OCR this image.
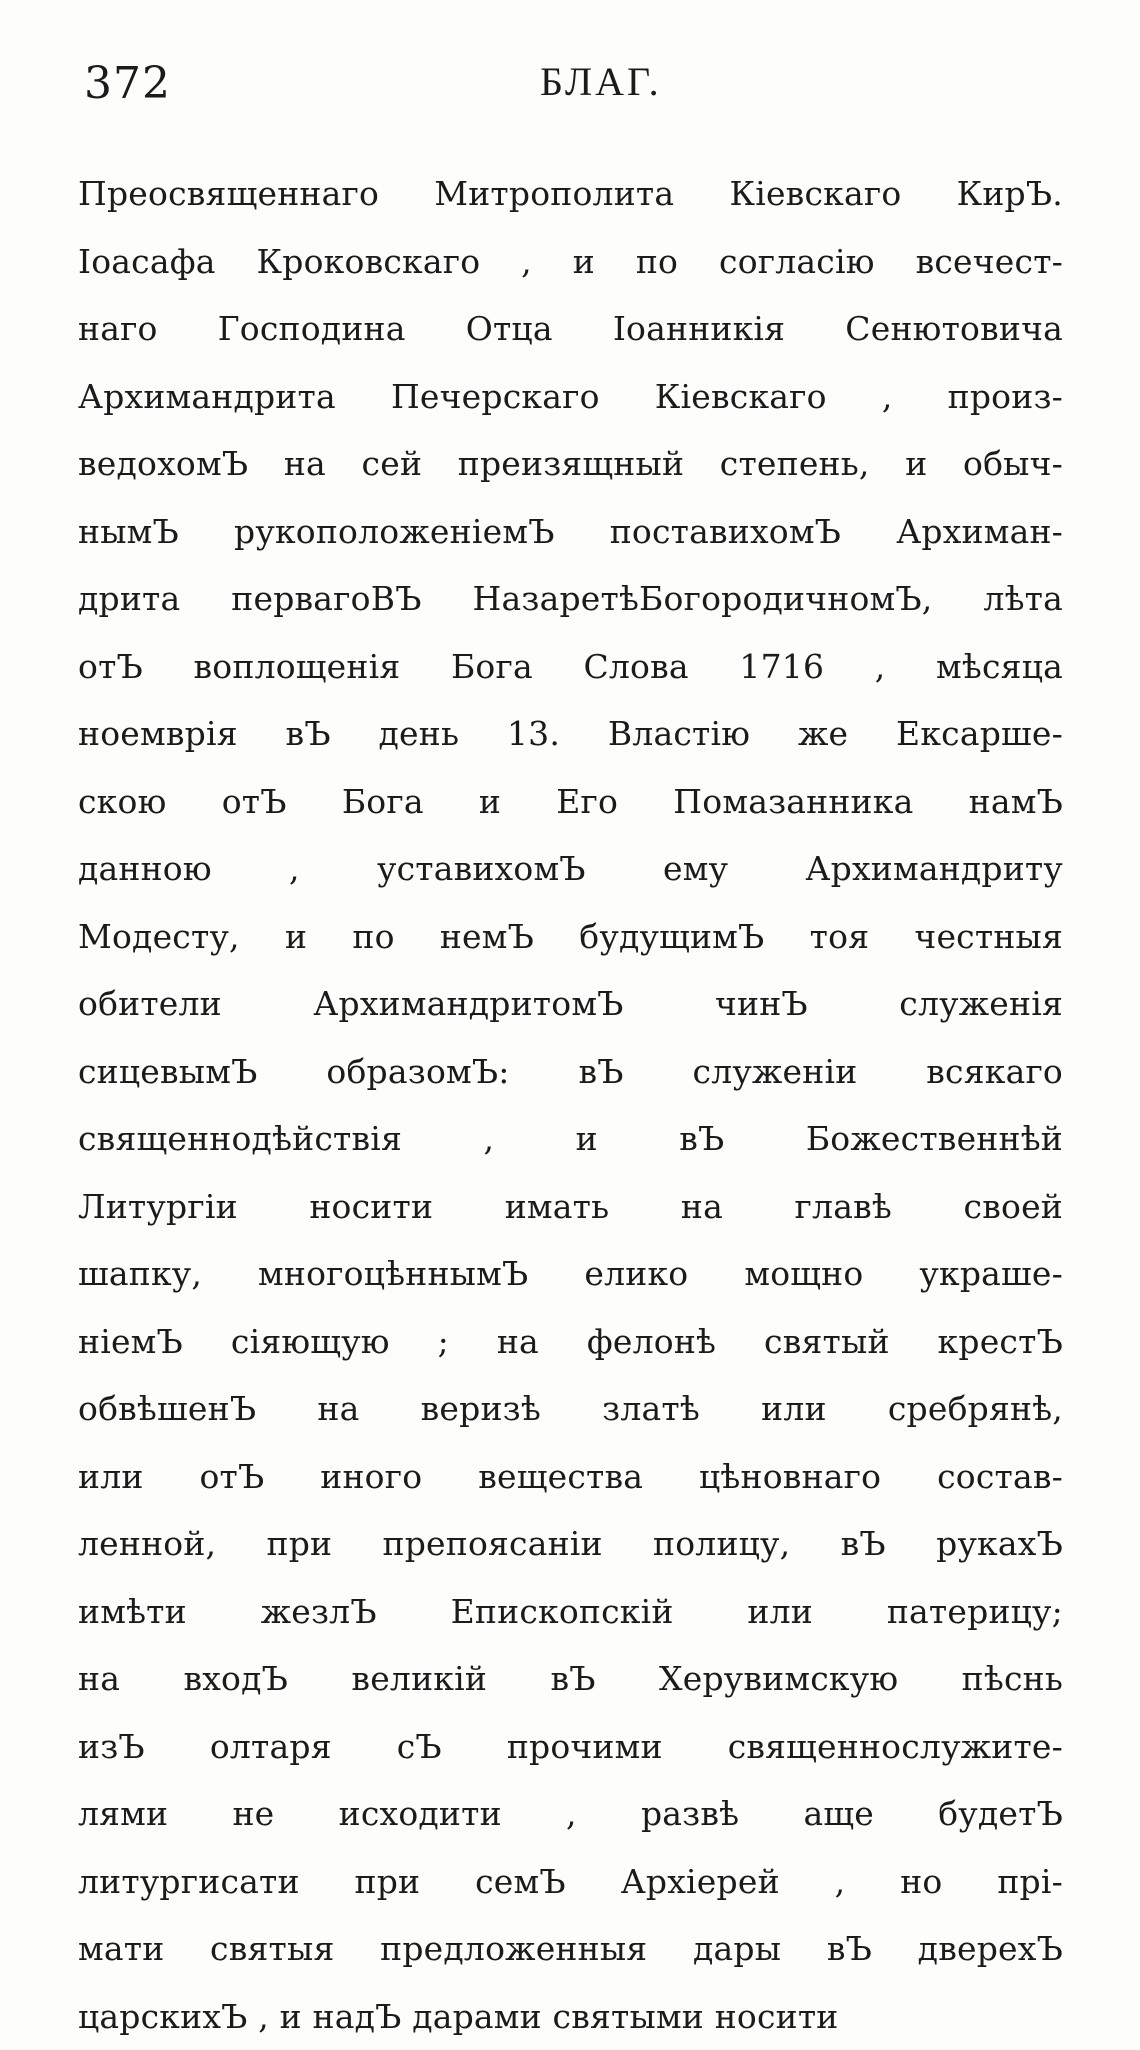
372	БЛАГ.
Преосвященнаго Митрополита Кіевскаго КирЪ.
Іоасафа Кроковскаго , и по согласію всечест-
наго Господина Отца Іоанникія Сенютовича
Архимандрита Печерскаго Кіевскаго , произ-
ведохомЪ на сей преизящный степень, и обыч-
нымЪ рукоположеніемЪ поставихомЪ Архиман-
дрита первагоВЪ НазаретѣБогородичномЪ, лѣта
отЪ воплощенія Бога Слова 1716 , мѣсяца
ноемврія вЪ день 13. Властію же Ексарше-
скою отЪ Бога и Его Помазанника намЪ
данною , уставихомЪ ему Архимандриту
Модесту, и по немЪ будущимЪ тоя честныя
обители АрхимандритомЪ чинЪ служенія
сицевымЪ образомЪ: вЪ служеніи всякаго
священнодѣйствія , и вЪ Божественнѣй
Литургіи носити имать на главѣ своей
шапку, многоцѣннымЪ елико мощно украше-
ніемЪ сіяющую ; на фелонѣ святый крестЪ
обвѣшенЪ на веризѣ златѣ или сребрянѣ,
или отЪ иного вещества цѣновнаго состав-
ленной, при препоясаніи полицу, вЪ рукахЪ
имѣти жезлЪ Епископскій или патерицу;
на входЪ великій вЪ Херувимскую пѣснь
изЪ олтаря сЪ прочими священнослужите-
лями не исходити , развѣ аще будетЪ
литургисати при семЪ Архіерей , но прі-
мати святыя предложенныя дары вЪ дверехЪ
царскихЪ , и надЪ дарами святыми носити
